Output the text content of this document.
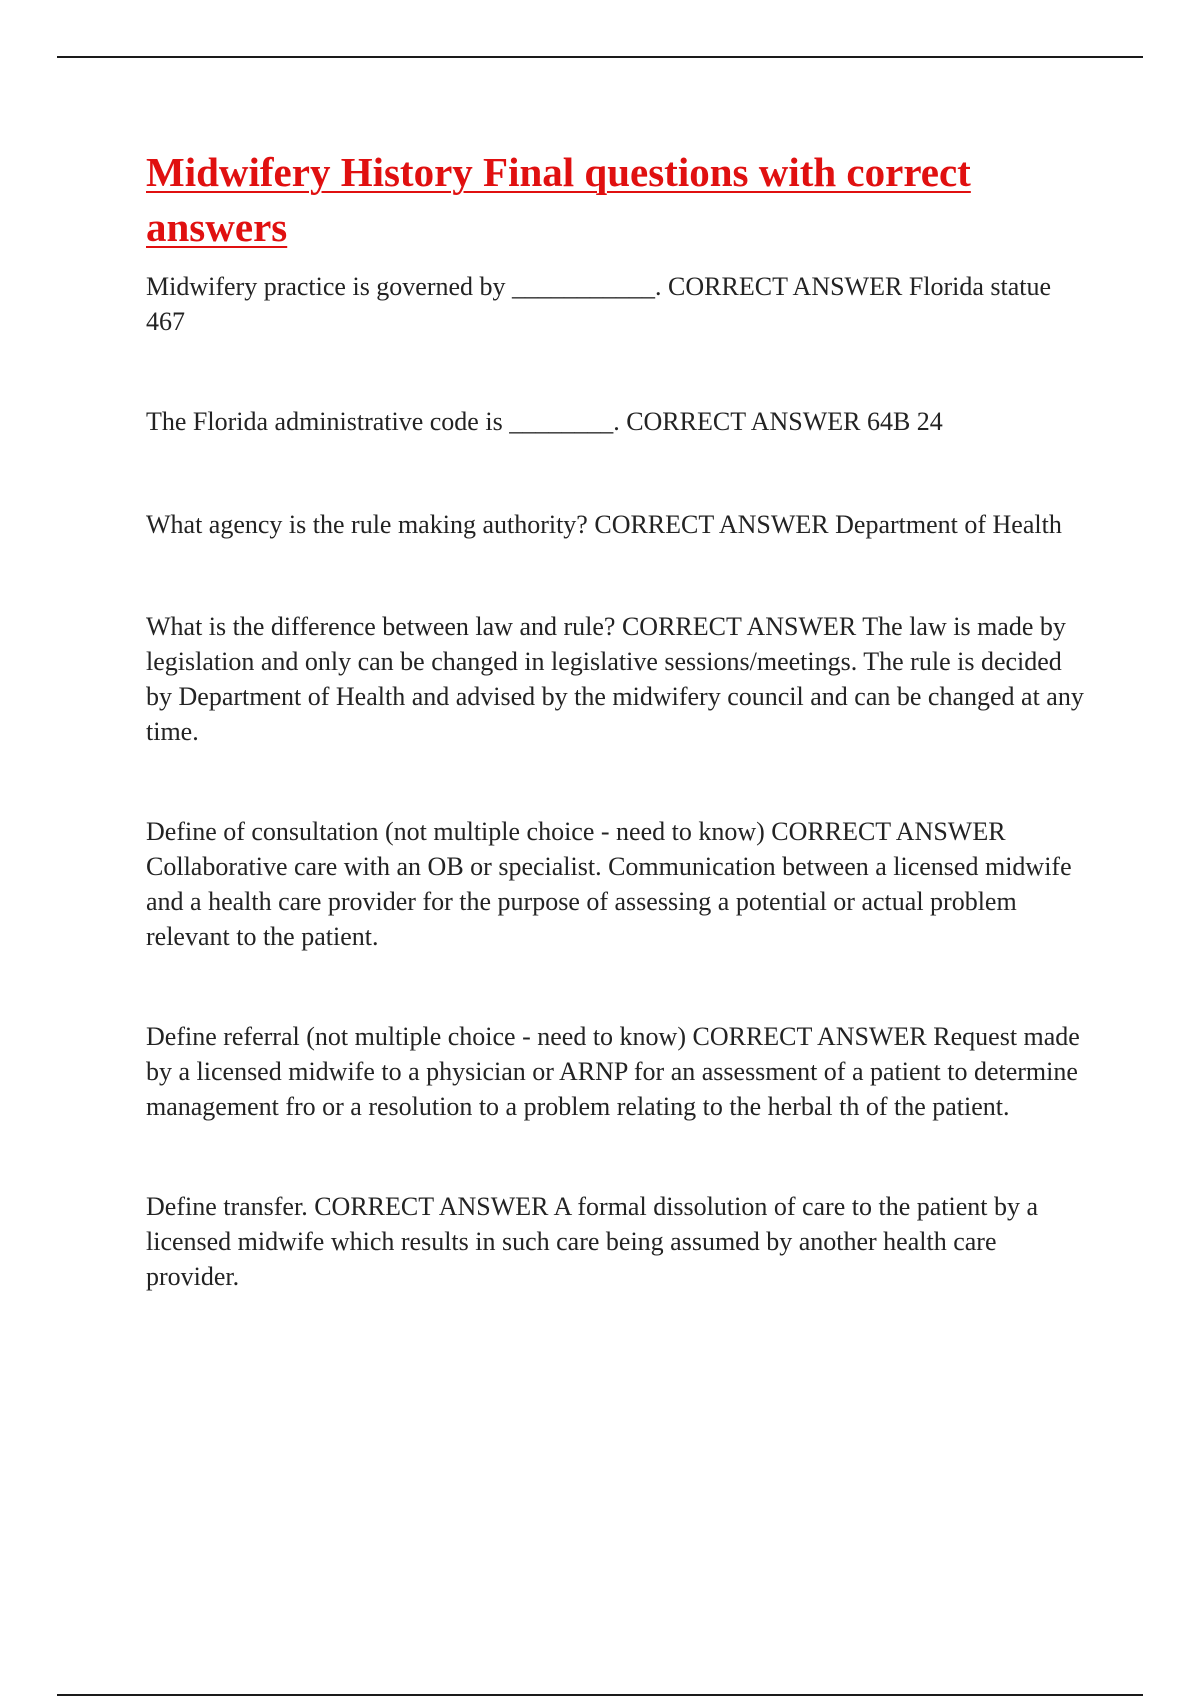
Midwifery History Final questions with correct answers

Midwifery practice is governed by ___________. CORRECT ANSWER Florida statue 467

The Florida administrative code is ________. CORRECT ANSWER 64B 24

What agency is the rule making authority? CORRECT ANSWER Department of Health

What is the difference between law and rule? CORRECT ANSWER The law is made by legislation and only can be changed in legislative sessions/meetings. The rule is decided by Department of Health and advised by the midwifery council and can be changed at any time.

Define of consultation (not multiple choice - need to know) CORRECT ANSWER Collaborative care with an OB or specialist. Communication between a licensed midwife and a health care provider for the purpose of assessing a potential or actual problem relevant to the patient.

Define referral (not multiple choice - need to know) CORRECT ANSWER Request made by a licensed midwife to a physician or ARNP for an assessment of a patient to determine management fro or a resolution to a problem relating to the herbal th of the patient.

Define transfer. CORRECT ANSWER A formal dissolution of care to the patient by a licensed midwife which results in such care being assumed by another health care provider.
